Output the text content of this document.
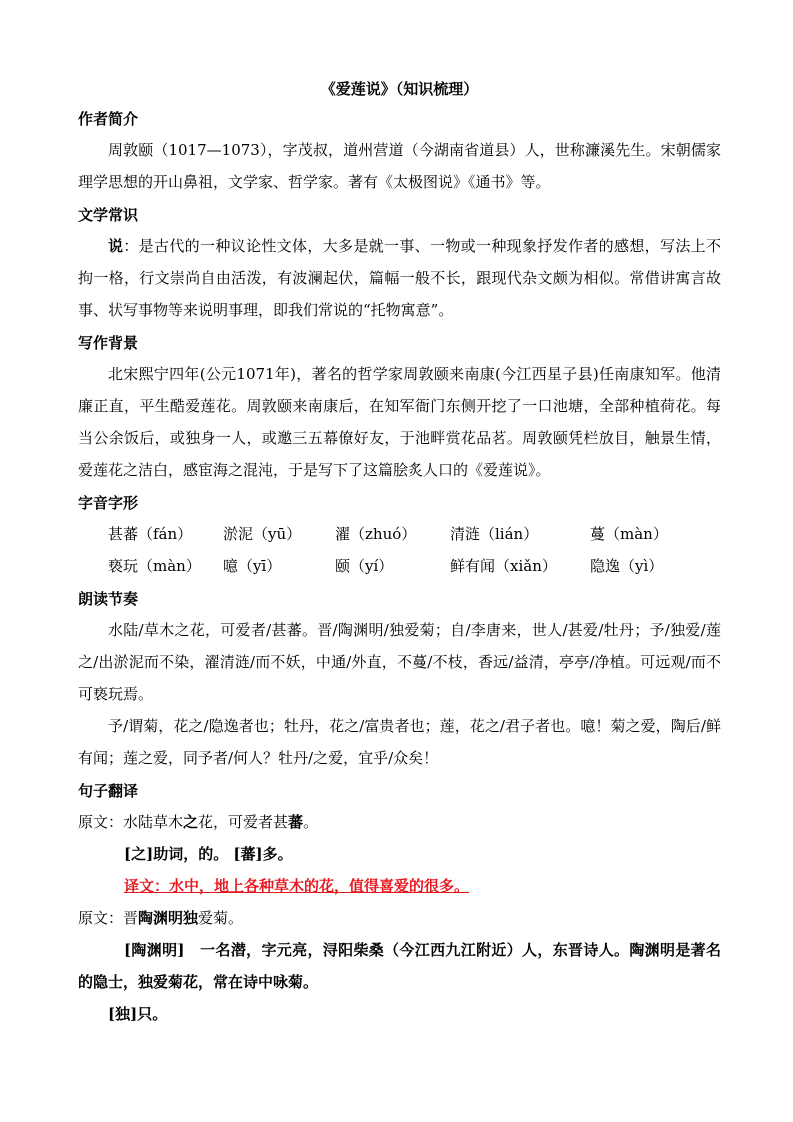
《爱莲说》（知识梳理）
作者简介

周敦颐（1017—1073），字茂叔，道州营道（今湖南省道县）人，世称濂溪先生。宋朝儒家理学思想的开山鼻祖，文学家、哲学家。著有《太极图说》《通书》等。

文学常识

说：是古代的一种议论性文体，大多是就一事、一物或一种现象抒发作者的感想，写法上不拘一格，行文崇尚自由活泼，有波澜起伏，篇幅一般不长，跟现代杂文颇为相似。常借讲寓言故事、状写事物等来说明事理，即我们常说的“托物寓意”。

写作背景

北宋熙宁四年(公元1071年)，著名的哲学家周敦颐来南康(今江西星子县)任南康知军。他清廉正直，平生酷爱莲花。周敦颐来南康后，在知军衙门东侧开挖了一口池塘，全部种植荷花。每当公余饭后，或独身一人，或邀三五幕僚好友，于池畔赏花品茗。周敦颐凭栏放目，触景生情，爱莲花之洁白，感宦海之混沌，于是写下了这篇脍炙人口的《爱莲说》。

字音字形
甚蕃（fán）	淤泥（yū）	濯（zhuó）	清涟（lián）	蔓（màn）
亵玩（màn）	噫（yī）	颐（yí）	鲜有闻（xiǎn）	隐逸（yì）
朗读节奏

水陆/草木之花，可爱者/甚蕃。晋/陶渊明/独爱菊；自/李唐来，世人/甚爱/牡丹；予/独爱/莲之/出淤泥而不染，濯清涟/而不妖，中通/外直，不蔓/不枝，香远/益清，亭亭/净植。可远观/而不可亵玩焉。

予/谓菊，花之/隐逸者也；牡丹，花之/富贵者也；莲，花之/君子者也。噫！菊之爱，陶后/鲜有闻；莲之爱，同予者/何人？牡丹/之爱，宜乎/众矣！

句子翻译

原文：水陆草木之花，可爱者甚蕃。

[之]助词，的。 [蕃]多。

译文：水中，地上各种草木的花，值得喜爱的很多。

原文：晋陶渊明独爱菊。

[陶渊明]　一名潜，字元亮，浔阳柴桑（今江西九江附近）人，东晋诗人。陶渊明是著名的隐士，独爱菊花，常在诗中咏菊。

[独]只。
